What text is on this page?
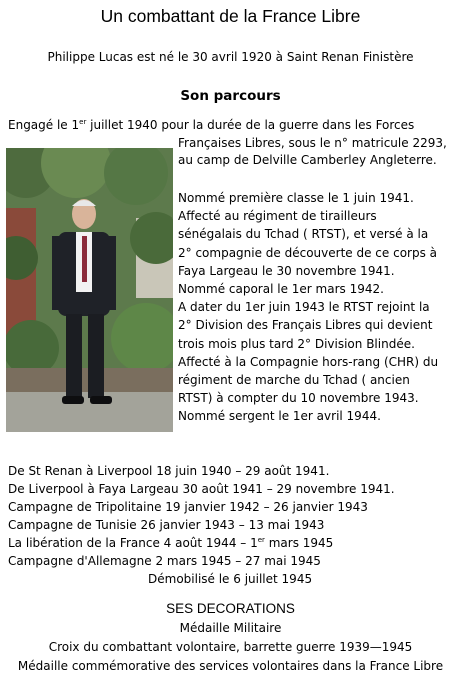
Un combattant de la France Libre
Philippe Lucas est né le 30 avril 1920 à Saint Renan Finistère
Son parcours
Engagé le 1er juillet 1940 pour la durée de la guerre dans les Forces
Françaises Libres, sous le n° matricule 2293,
au camp de Delville Camberley Angleterre.
Nommé première classe le 1 juin 1941.
Affecté au régiment de tirailleurs
sénégalais du Tchad ( RTST), et versé à la
2° compagnie de découverte de ce corps à
Faya Largeau le 30 novembre 1941.
Nommé caporal le 1er mars 1942.
A dater du 1er juin 1943 le RTST rejoint la
2° Division des Français Libres qui devient
trois mois plus tard 2° Division Blindée.
Affecté à la Compagnie hors-rang (CHR) du
régiment de marche du Tchad ( ancien
RTST) à compter du 10 novembre 1943.
Nommé sergent le 1er avril 1944.
De St Renan à Liverpool 18 juin 1940 – 29 août 1941.
De Liverpool à Faya Largeau 30 août 1941 – 29 novembre 1941.
Campagne de Tripolitaine 19 janvier 1942 – 26 janvier 1943
Campagne de Tunisie 26 janvier 1943 – 13 mai 1943
La libération de la France 4 août 1944 – 1er mars 1945
Campagne d'Allemagne 2 mars 1945 – 27 mai 1945
Démobilisé le 6 juillet 1945
SES DECORATIONS
Médaille Militaire
Croix du combattant volontaire, barrette guerre 1939—1945
Médaille commémorative des services volontaires dans la France Libre
